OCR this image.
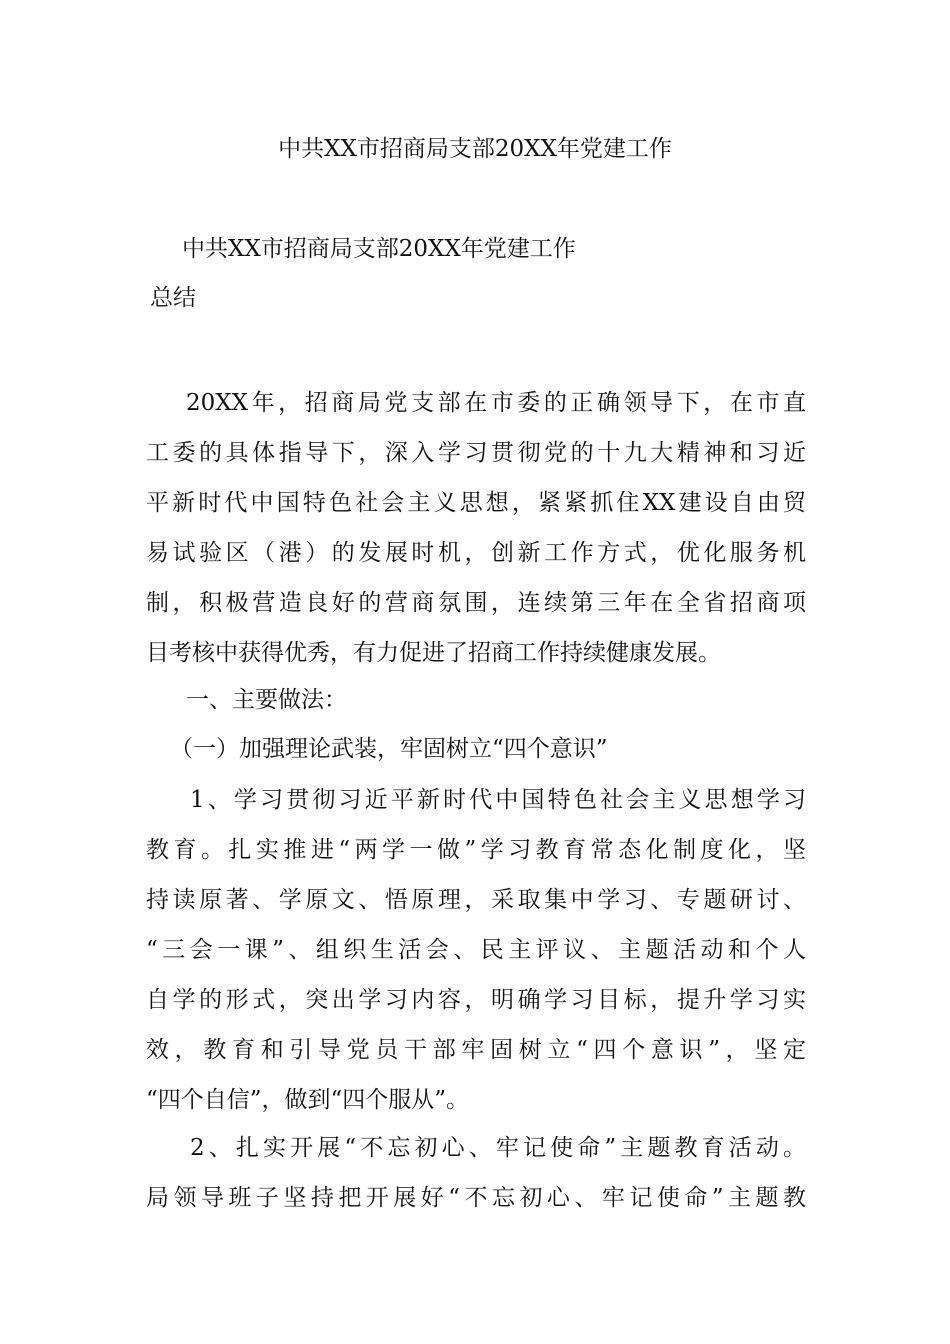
中共XX市招商局支部20XX年党建工作
中共XX市招商局支部20XX年党建工作
总结
20XX年，招商局党支部在市委的正确领导下，在市直
工委的具体指导下，深入学习贯彻党的十九大精神和习近
平新时代中国特色社会主义思想，紧紧抓住XX建设自由贸
易试验区（港）的发展时机，创新工作方式，优化服务机
制，积极营造良好的营商氛围，连续第三年在全省招商项
目考核中获得优秀，有力促进了招商工作持续健康发展。
一、主要做法：
（一）加强理论武装，牢固树立“四个意识”
1、学习贯彻习近平新时代中国特色社会主义思想学习
教育。扎实推进“两学一做”学习教育常态化制度化，坚
持读原著、学原文、悟原理，采取集中学习、专题研讨、
“三会一课”、组织生活会、民主评议、主题活动和个人
自学的形式，突出学习内容，明确学习目标，提升学习实
效，教育和引导党员干部牢固树立“四个意识”，坚定
“四个自信”，做到“四个服从”。
2、扎实开展“不忘初心、牢记使命”主题教育活动。
局领导班子坚持把开展好“不忘初心、牢记使命”主题教
